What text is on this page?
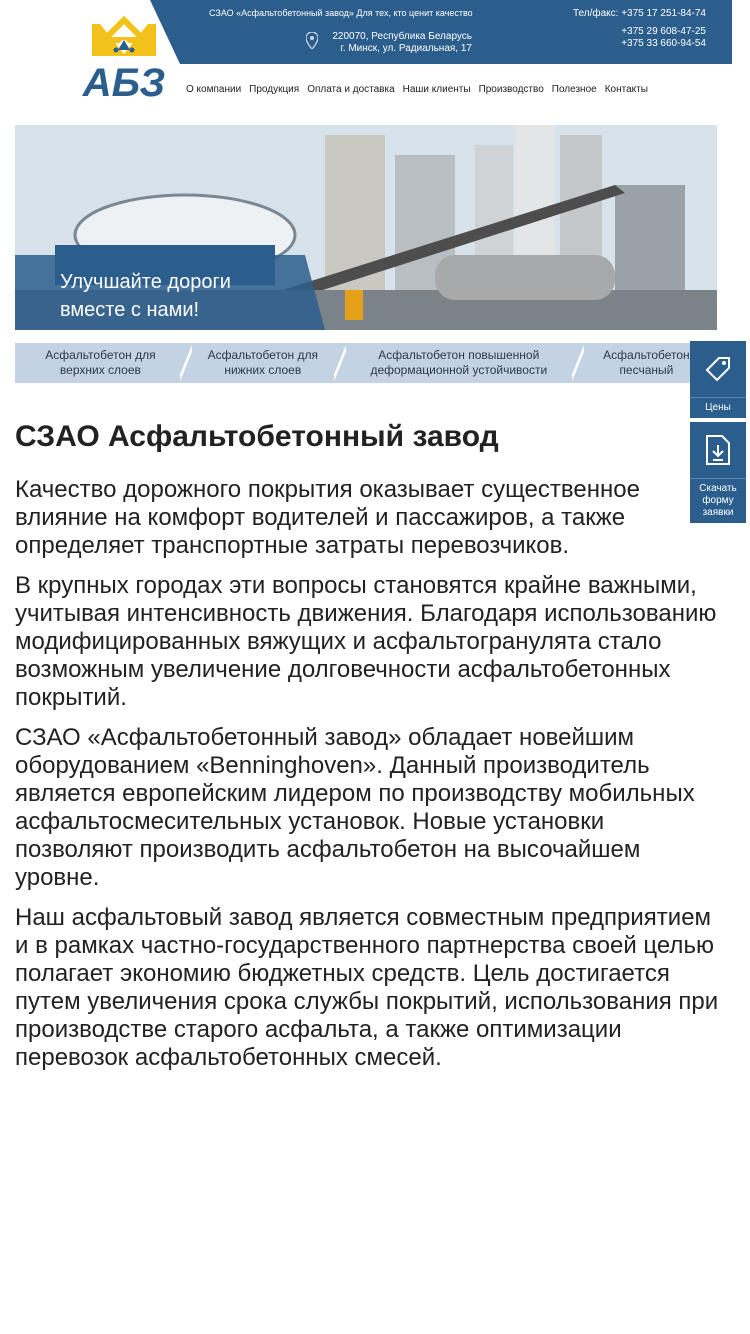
СЗАО «Асфальтобетонный завод» Для тех, кто ценит качество
220070, Республика Беларусь
г. Минск, ул. Радиальная, 17
Тел/факс: +375 17 251-84-74
+375 29 608-47-25
+375 33 660-94-54
АБЗ О компании Продукция Оплата и доставка Наши клиенты Производство Полезное Контакты
Улучшайте дороги
вместе с нами!
Асфальтобетон для
верхних слоев
Асфальтобетон для
нижних слоев
Асфальтобетон повышенной
деформационной устойчивости
Асфальтобетон
песчаный
Цены
Скачать
форму
заявки
СЗАО Асфальтобетонный завод

Качество дорожного покрытия оказывает существенное влияние на комфорт водителей и пассажиров, а также определяет транспортные затраты перевозчиков.

В крупных городах эти вопросы становятся крайне важными, учитывая интенсивность движения. Благодаря использованию модифицированных вяжущих и асфальтогранулята стало возможным увеличение долговечности асфальтобетонных покрытий.

СЗАО «Асфальтобетонный завод» обладает новейшим оборудованием «Benninghoven». Данный производитель является европейским лидером по производству мобильных асфальтосмесительных установок. Новые установки позволяют производить асфальтобетон на высочайшем уровне.

Наш асфальтовый завод является совместным предприятием и в рамках частно-государственного партнерства своей целью полагает экономию бюджетных средств. Цель достигается путем увеличения срока службы покрытий, использования при производстве старого асфальта, а также оптимизации перевозок асфальтобетонных смесей.
